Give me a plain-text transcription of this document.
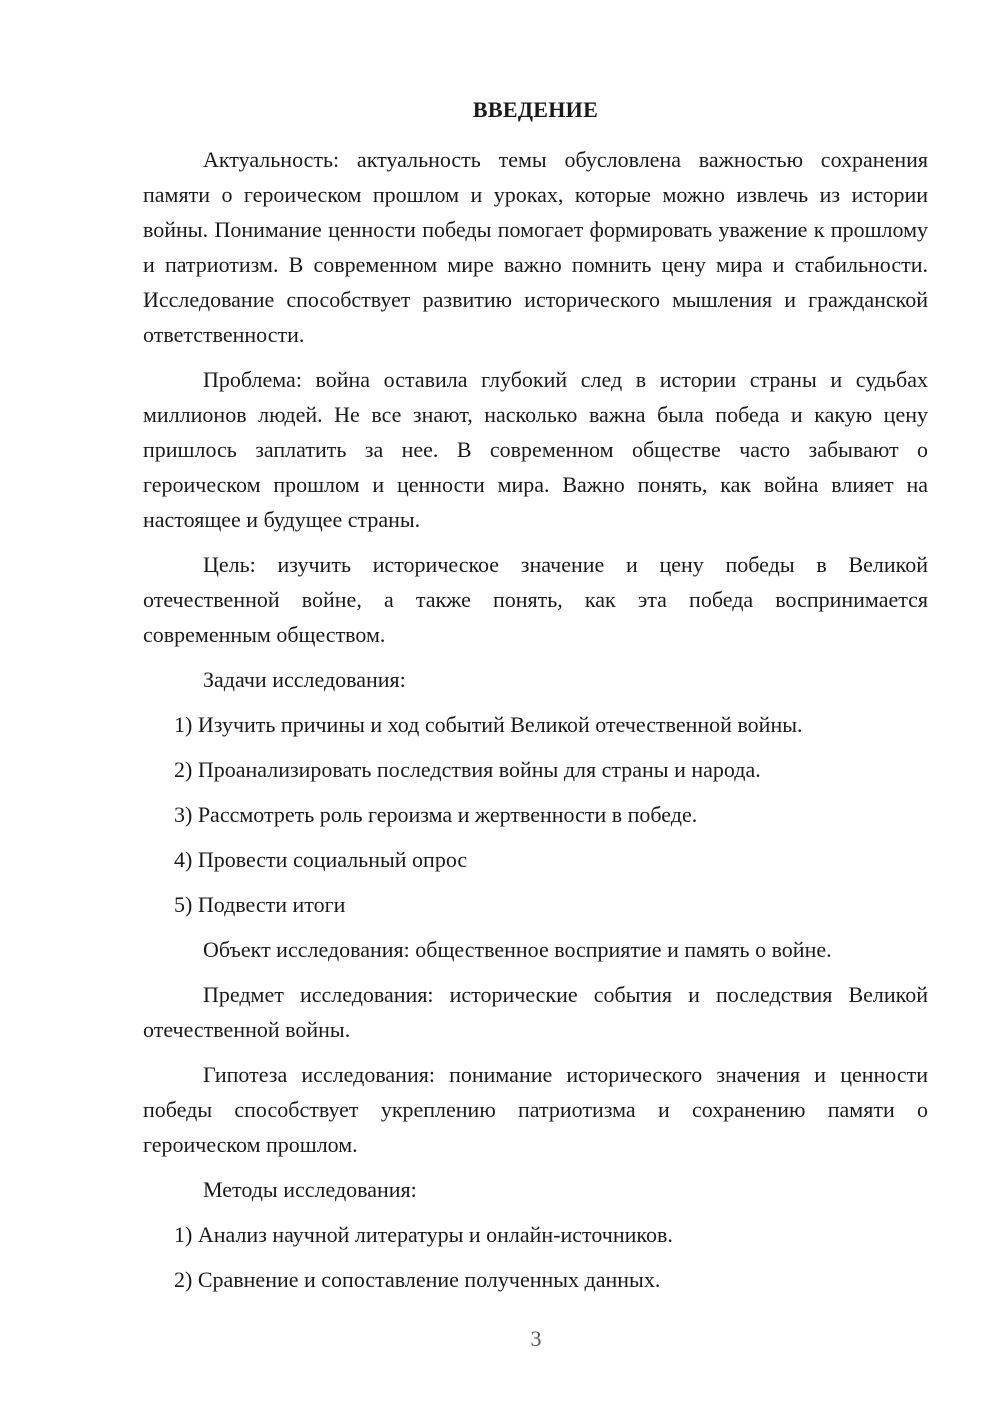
ВВЕДЕНИЕ

Актуальность: актуальность темы обусловлена важностью сохранения памяти о героическом прошлом и уроках, которые можно извлечь из истории войны. Понимание ценности победы помогает формировать уважение к прошлому и патриотизм. В современном мире важно помнить цену мира и стабильности. Исследование способствует развитию исторического мышления и гражданской ответственности.

Проблема: война оставила глубокий след в истории страны и судьбах миллионов людей. Не все знают, насколько важна была победа и какую цену пришлось заплатить за нее. В современном обществе часто забывают о героическом прошлом и ценности мира. Важно понять, как война влияет на настоящее и будущее страны.

Цель: изучить историческое значение и цену победы в Великой отечественной войне, а также понять, как эта победа воспринимается современным обществом.

Задачи исследования:

1) Изучить причины и ход событий Великой отечественной войны.

2) Проанализировать последствия войны для страны и народа.

3) Рассмотреть роль героизма и жертвенности в победе.

4) Провести социальный опрос

5) Подвести итоги

Объект исследования: общественное восприятие и память о войне.

Предмет исследования: исторические события и последствия Великой отечественной войны.

Гипотеза исследования: понимание исторического значения и ценности победы способствует укреплению патриотизма и сохранению памяти о героическом прошлом.

Методы исследования:

1) Анализ научной литературы и онлайн-источников.

2) Сравнение и сопоставление полученных данных.

3
